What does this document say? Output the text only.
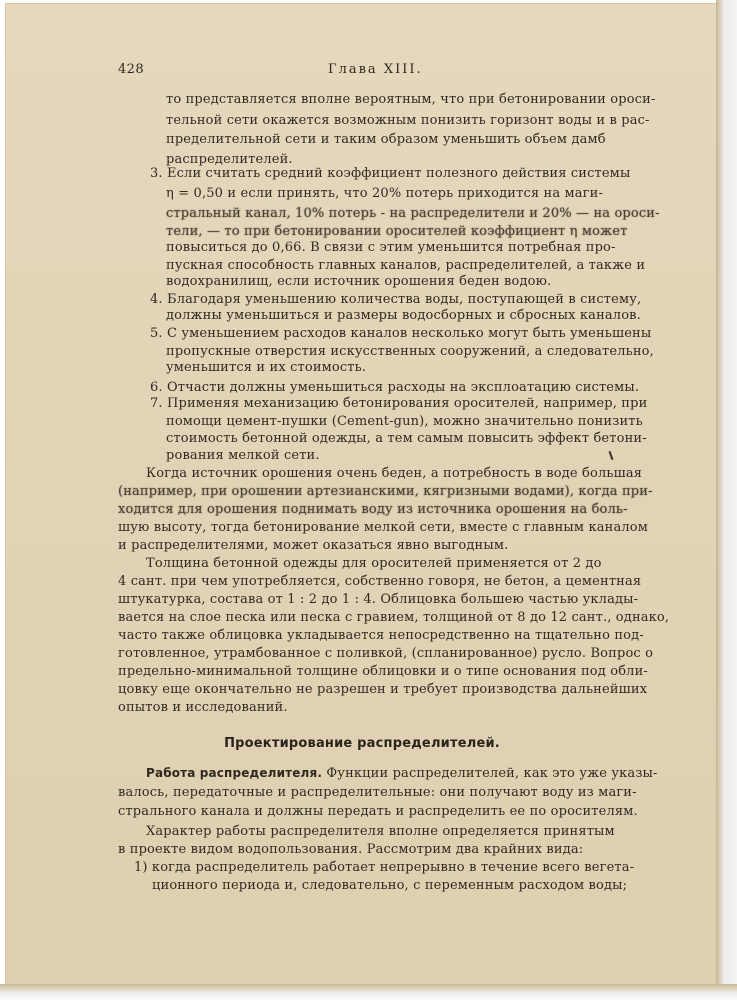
428	Глава XIII.
то представляется вполне вероятным, что при бетонировании ороси-
тельной сети окажется возможным понизить горизонт воды и в рас-
пределительной сети и таким образом уменьшить объем дамб
распределителей.
3. Если считать средний коэффициент полезного действия системы
η = 0,50 и если принять, что 20% потерь приходится на маги-
стральный канал, 10% потерь - на распределители и 20% — на ороси-
тели, — то при бетонировании оросителей коэффициент η может
повыситься до 0,66. В связи с этим уменьшится потребная про-
пускная способность главных каналов, распределителей, а также и
водохранилищ, если источник орошения беден водою.
4. Благодаря уменьшению количества воды, поступающей в систему,
должны уменьшиться и размеры водосборных и сбросных каналов.
5. С уменьшением расходов каналов несколько могут быть уменьшены
пропускные отверстия искусственных сооружений, а следовательно,
уменьшится и их стоимость.
6. Отчасти должны уменьшиться расходы на эксплоатацию системы.
7. Применяя механизацию бетонирования оросителей, например, при
помощи цемент-пушки (Cement-gun), можно значительно понизить
стоимость бетонной одежды, а тем самым повысить эффект бетони-
рования мелкой сети.
Когда источник орошения очень беден, а потребность в воде большая
(например, при орошении артезианскими, кягризными водами), когда при-
ходится для орошения поднимать воду из источника орошения на боль-
шую высоту, тогда бетонирование мелкой сети, вместе с главным каналом
и распределителями, может оказаться явно выгодным.
Толщина бетонной одежды для оросителей применяется от 2 до
4 сант. при чем употребляется, собственно говоря, не бетон, а цементная
штукатурка, состава от 1 : 2 до 1 : 4. Облицовка большею частью уклады-
вается на слое песка или песка с гравием, толщиной от 8 до 12 сант., однако,
часто также облицовка укладывается непосредственно на тщательно под-
готовленное, утрамбованное с поливкой, (спланированное) русло. Вопрос о
предельно-минимальной толщине облицовки и о типе основания под обли-
цовку еще окончательно не разрешен и требует производства дальнейших
опытов и исследований.
Проектирование распределителей.
Работа распределителя. Функции распределителей, как это уже указы-
валось, передаточные и распределительные: они получают воду из маги-
стрального канала и должны передать и распределить ее по оросителям.
Характер работы распределителя вполне определяется принятым
в проекте видом водопользования. Рассмотрим два крайних вида:
1) когда распределитель работает непрерывно в течение всего вегета-
ционного периода и, следовательно, с переменным расходом воды;
